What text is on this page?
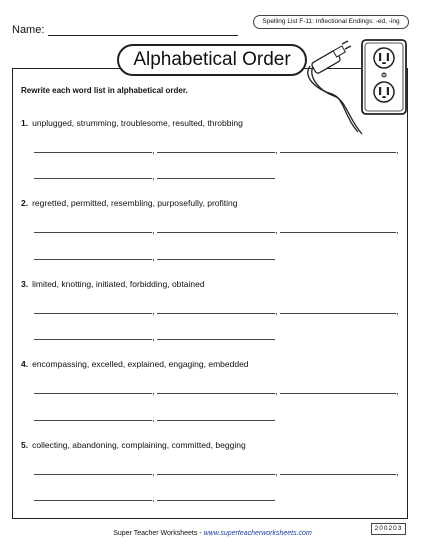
Name:
Spelling List F-11: Inflectional Endings: -ed, -ing
Alphabetical Order
Rewrite each word list in alphabetical order.
1. unplugged, strumming, troublesome, resulted, throbbing
,	,	,
,
2. regretted, permitted, resembling, purposefully, profiting
,	,	,
,
3. limited, knotting, initiated, forbidding, obtained
,	,	,
,
4. encompassing, excelled, explained, engaging, embedded
,	,	,
,
5. collecting, abandoning, complaining, committed, begging
,	,	,
,
Super Teacher Worksheets - www.superteacherworksheets.com
200203
